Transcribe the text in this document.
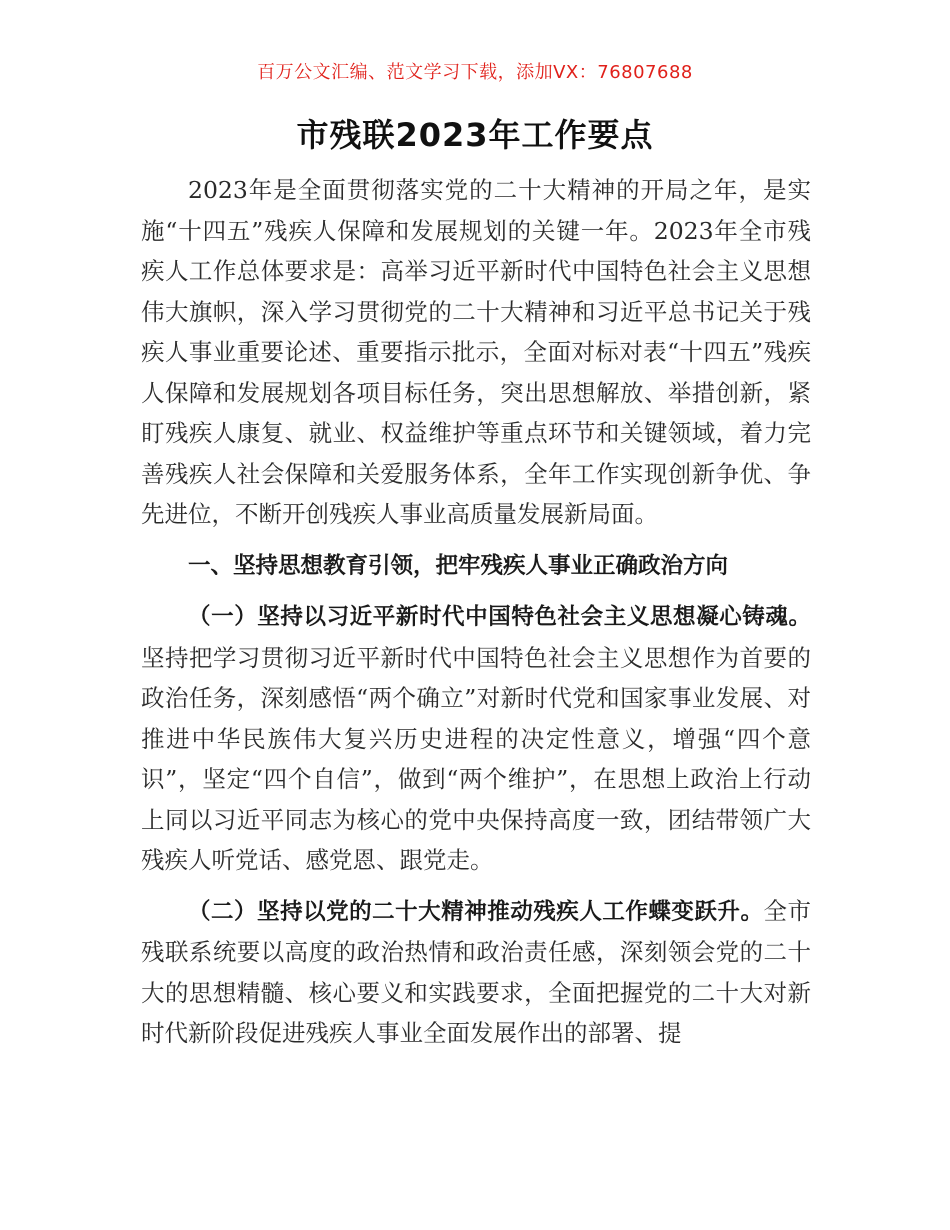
百万公文汇编、范文学习下载，添加VX：76807688
市残联2023年工作要点

2023年是全面贯彻落实党的二十大精神的开局之年，是实施“十四五”残疾人保障和发展规划的关键一年。2023年全市残疾人工作总体要求是：高举习近平新时代中国特色社会主义思想伟大旗帜，深入学习贯彻党的二十大精神和习近平总书记关于残疾人事业重要论述、重要指示批示，全面对标对表“十四五”残疾人保障和发展规划各项目标任务，突出思想解放、举措创新，紧盯残疾人康复、就业、权益维护等重点环节和关键领域，着力完善残疾人社会保障和关爱服务体系，全年工作实现创新争优、争先进位，不断开创残疾人事业高质量发展新局面。

一、坚持思想教育引领，把牢残疾人事业正确政治方向

（一）坚持以习近平新时代中国特色社会主义思想凝心铸魂。坚持把学习贯彻习近平新时代中国特色社会主义思想作为首要的政治任务，深刻感悟“两个确立”对新时代党和国家事业发展、对推进中华民族伟大复兴历史进程的决定性意义，增强“四个意识”，坚定“四个自信”，做到“两个维护”，在思想上政治上行动上同以习近平同志为核心的党中央保持高度一致，团结带领广大残疾人听党话、感党恩、跟党走。

（二）坚持以党的二十大精神推动残疾人工作蝶变跃升。全市残联系统要以高度的政治热情和政治责任感，深刻领会党的二十大的思想精髓、核心要义和实践要求，全面把握党的二十大对新时代新阶段促进残疾人事业全面发展作出的部署、提
